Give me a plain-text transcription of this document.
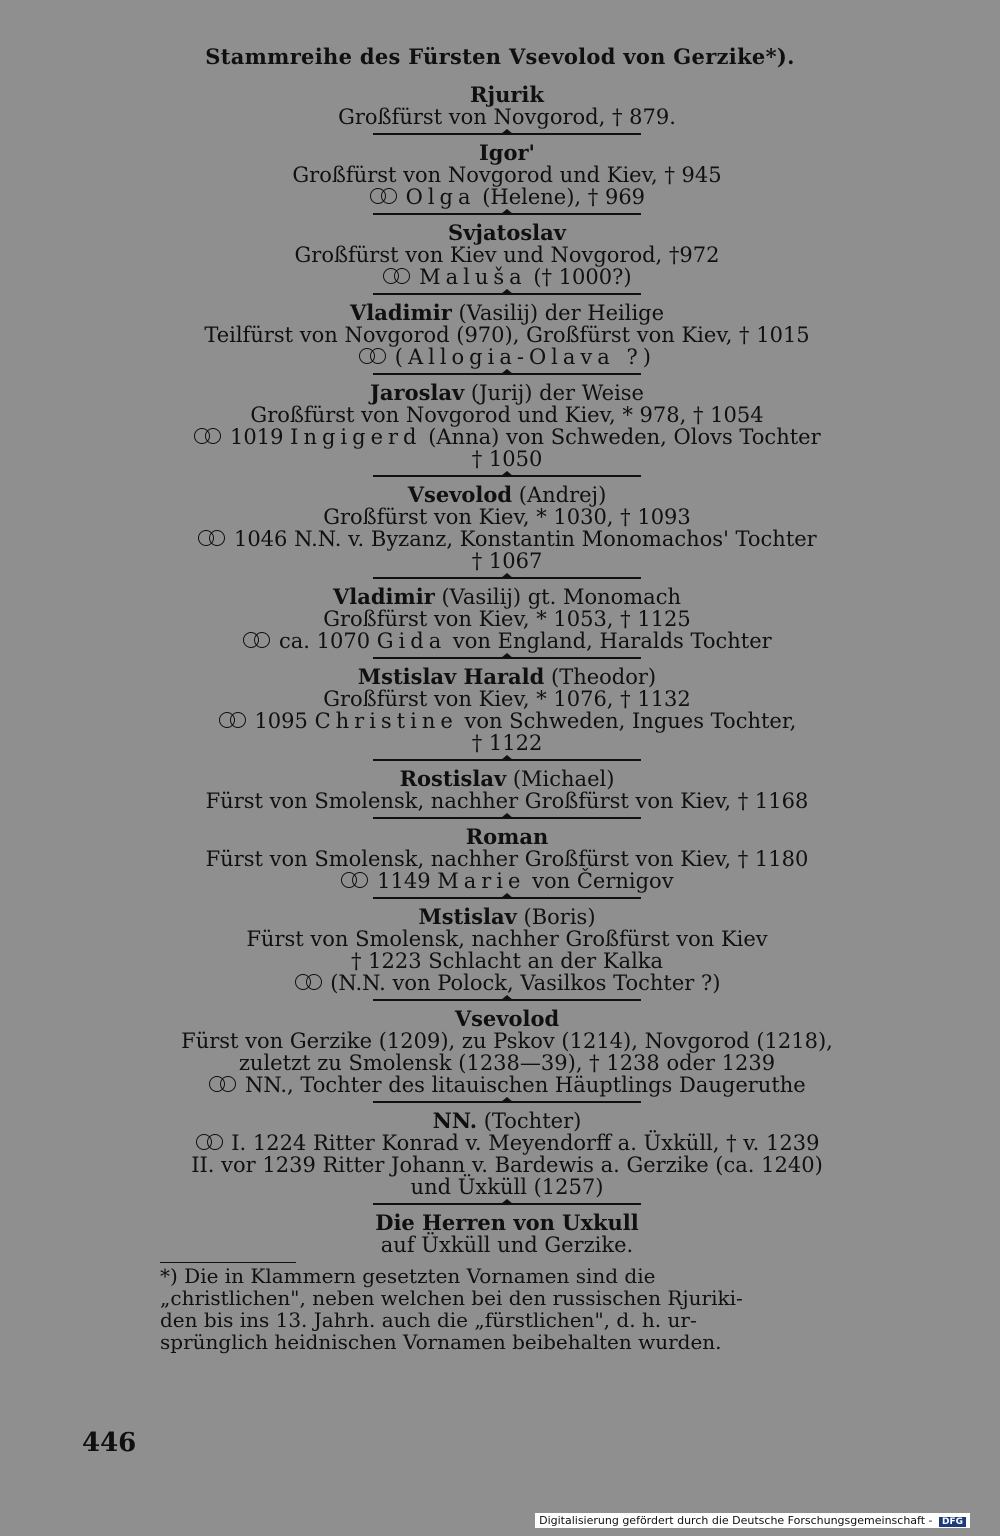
Stammreihe des Fürsten Vsevolod von Gerzike*).
Rjurik
Großfürst von Novgorod, † 879.
Igor'
Großfürst von Novgorod und Kiev, † 945
Olga (Helene), † 969
Svjatoslav
Großfürst von Kiev und Novgorod, †972
Maluša († 1000?)
Vladimir (Vasilij) der Heilige
Teilfürst von Novgorod (970), Großfürst von Kiev, † 1015
(Allogia-Olava ?)
Jaroslav (Jurij) der Weise
Großfürst von Novgorod und Kiev, * 978, † 1054
1019 Ingigerd (Anna) von Schweden, Olovs Tochter
† 1050
Vsevolod (Andrej)
Großfürst von Kiev, * 1030, † 1093
1046 N.N. v. Byzanz, Konstantin Monomachos' Tochter
† 1067
Vladimir (Vasilij) gt. Monomach
Großfürst von Kiev, * 1053, † 1125
ca. 1070 Gida von England, Haralds Tochter
Mstislav Harald (Theodor)
Großfürst von Kiev, * 1076, † 1132
1095 Christine von Schweden, Ingues Tochter,
† 1122
Rostislav (Michael)
Fürst von Smolensk, nachher Großfürst von Kiev, † 1168
Roman
Fürst von Smolensk, nachher Großfürst von Kiev, † 1180
1149 Marie von Černigov
Mstislav (Boris)
Fürst von Smolensk, nachher Großfürst von Kiev
† 1223 Schlacht an der Kalka
(N.N. von Polock, Vasilkos Tochter ?)
Vsevolod
Fürst von Gerzike (1209), zu Pskov (1214), Novgorod (1218),
zuletzt zu Smolensk (1238—39), † 1238 oder 1239
NN., Tochter des litauischen Häuptlings Daugeruthe
NN. (Tochter)
I. 1224 Ritter Konrad v. Meyendorff a. Üxküll, † v. 1239
II. vor 1239 Ritter Johann v. Bardewis a. Gerzike (ca. 1240)
und Üxküll (1257)
Die Herren von Uxkull
auf Üxküll und Gerzike.

*) Die in Klammern gesetzten Vornamen sind die

„christlichen", neben welchen bei den russischen Rjuriki-

den bis ins 13. Jahrh. auch die „fürstlichen", d. h. ur-

sprünglich heidnischen Vornamen beibehalten wurden.

446
Digitalisierung gefördert durch die Deutsche Forschungsgemeinschaft - DFG
